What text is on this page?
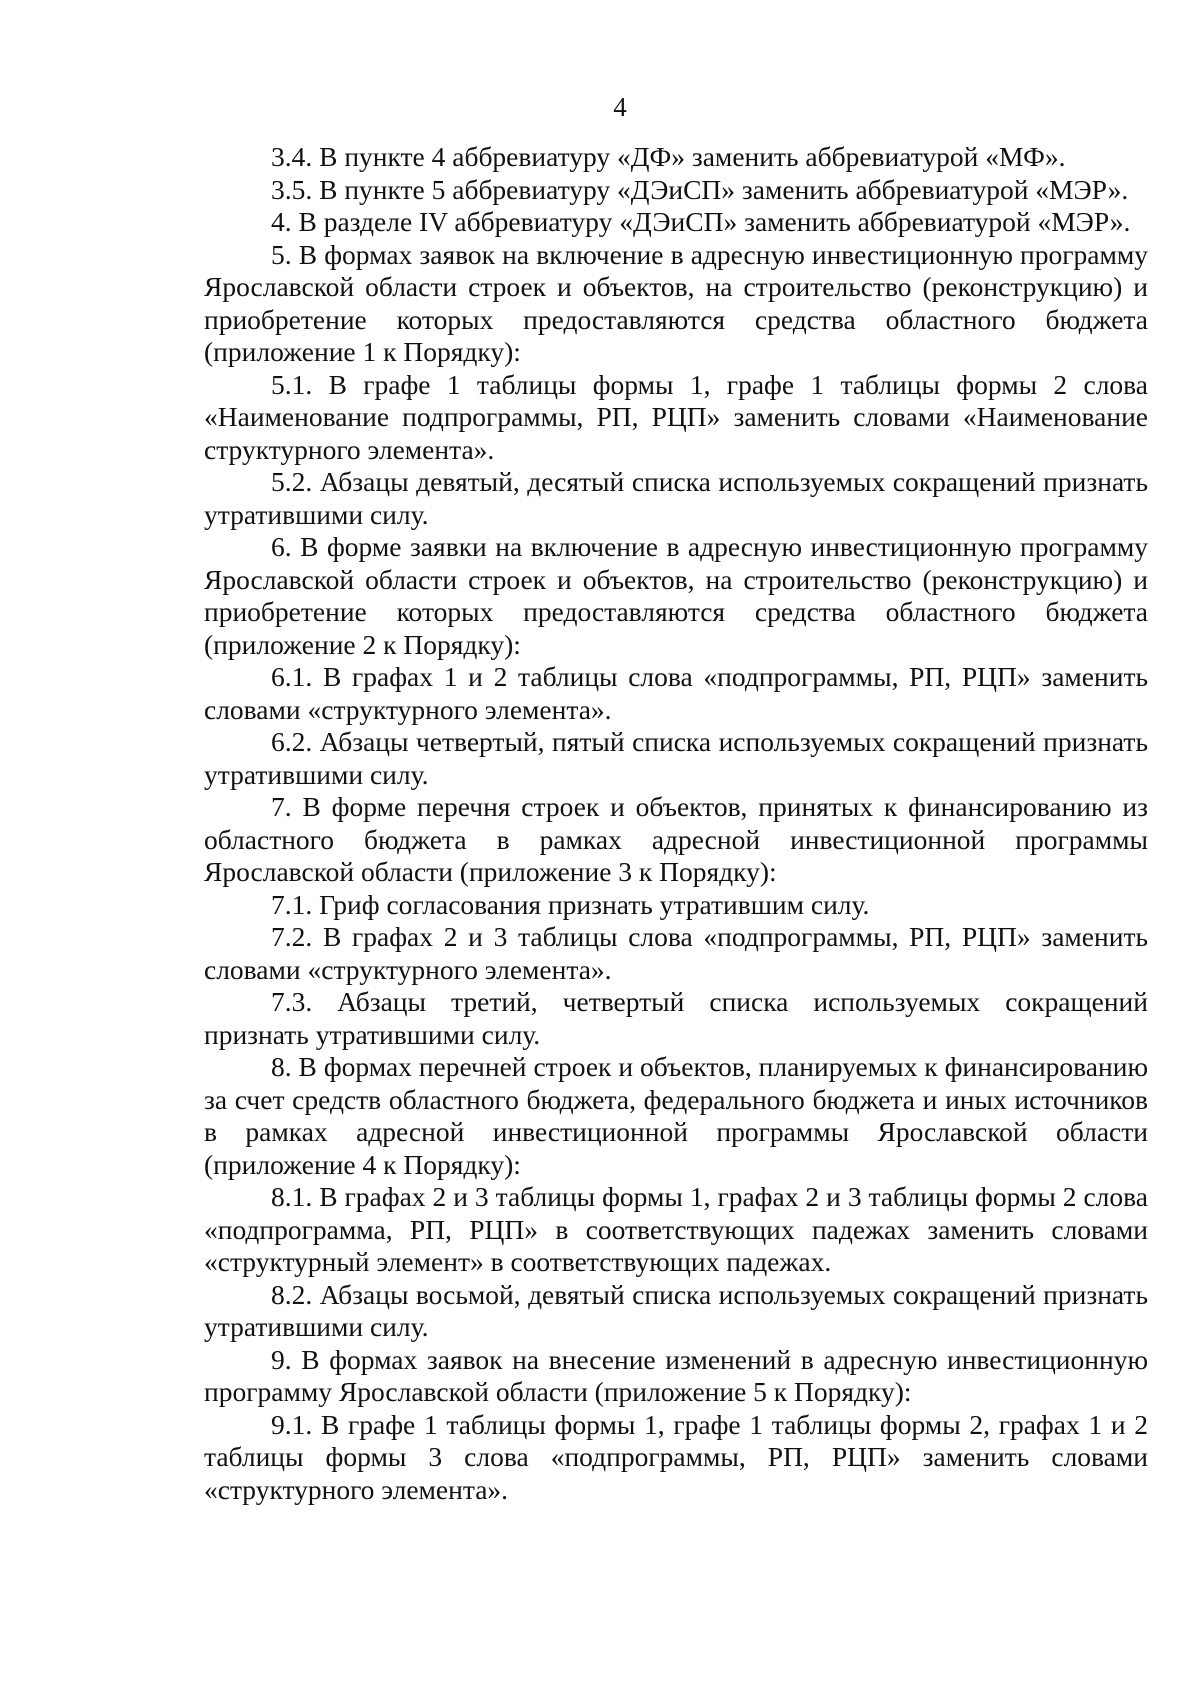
4

3.4. В пункте 4 аббревиатуру «ДФ» заменить аббревиатурой «МФ».

3.5. В пункте 5 аббревиатуру «ДЭиСП» заменить аббревиатурой «МЭР».

4. В разделе IV аббревиатуру «ДЭиСП» заменить аббревиатурой «МЭР».

5. В формах заявок на включение в адресную инвестиционную программу Ярославской области строек и объектов, на строительство (реконструкцию) и приобретение которых предоставляются средства областного бюджета (приложение 1 к Порядку):

5.1. В графе 1 таблицы формы 1, графе 1 таблицы формы 2 слова «Наименование подпрограммы, РП, РЦП» заменить словами «Наименование структурного элемента».

5.2. Абзацы девятый, десятый списка используемых сокращений признать утратившими силу.

6. В форме заявки на включение в адресную инвестиционную программу Ярославской области строек и объектов, на строительство (реконструкцию) и приобретение которых предоставляются средства областного бюджета (приложение 2 к Порядку):

6.1. В графах 1 и 2 таблицы слова «подпрограммы, РП, РЦП» заменить словами «структурного элемента».

6.2. Абзацы четвертый, пятый списка используемых сокращений признать утратившими силу.

7. В форме перечня строек и объектов, принятых к финансированию из областного бюджета в рамках адресной инвестиционной программы Ярославской области (приложение 3 к Порядку):

7.1. Гриф согласования признать утратившим силу.

7.2. В графах 2 и 3 таблицы слова «подпрограммы, РП, РЦП» заменить словами «структурного элемента».

7.3. Абзацы третий, четвертый списка используемых сокращений признать утратившими силу.

8. В формах перечней строек и объектов, планируемых к финансированию за счет средств областного бюджета, федерального бюджета и иных источников в рамках адресной инвестиционной программы Ярославской области (приложение 4 к Порядку):

8.1. В графах 2 и 3 таблицы формы 1, графах 2 и 3 таблицы формы 2 слова «подпрограмма, РП, РЦП» в соответствующих падежах заменить словами «структурный элемент» в соответствующих падежах.

8.2. Абзацы восьмой, девятый списка используемых сокращений признать утратившими силу.

9. В формах заявок на внесение изменений в адресную инвестиционную программу Ярославской области (приложение 5 к Порядку):

9.1. В графе 1 таблицы формы 1, графе 1 таблицы формы 2, графах 1 и 2 таблицы формы 3 слова «подпрограммы, РП, РЦП» заменить словами «структурного элемента».
